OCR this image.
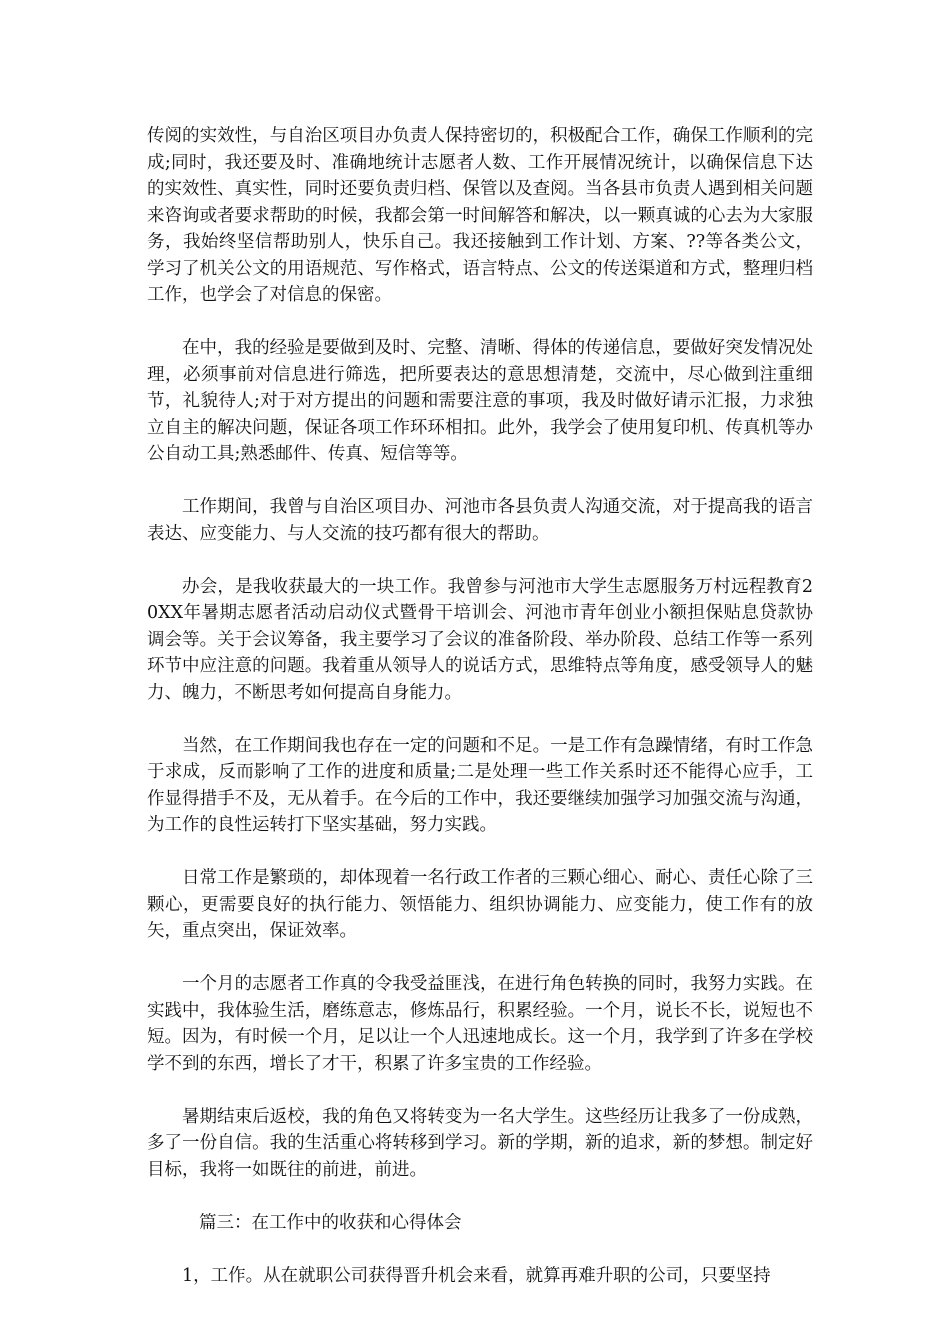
传阅的实效性，与自治区项目办负责人保持密切的，积极配合工作，确保工作顺利的完成;同时，我还要及时、准确地统计志愿者人数、工作开展情况统计，以确保信息下达的实效性、真实性，同时还要负责归档、保管以及查阅。当各县市负责人遇到相关问题来咨询或者要求帮助的时候，我都会第一时间解答和解决，以一颗真诚的心去为大家服务，我始终坚信帮助别人，快乐自己。我还接触到工作计划、方案、??等各类公文，学习了机关公文的用语规范、写作格式，语言特点、公文的传送渠道和方式，整理归档工作，也学会了对信息的保密。

在中，我的经验是要做到及时、完整、清晰、得体的传递信息，要做好突发情况处理，必须事前对信息进行筛选，把所要表达的意思想清楚，交流中，尽心做到注重细节，礼貌待人;对于对方提出的问题和需要注意的事项，我及时做好请示汇报，力求独立自主的解决问题，保证各项工作环环相扣。此外，我学会了使用复印机、传真机等办公自动工具;熟悉邮件、传真、短信等等。

工作期间，我曾与自治区项目办、河池市各县负责人沟通交流，对于提高我的语言表达、应变能力、与人交流的技巧都有很大的帮助。

办会，是我收获最大的一块工作。我曾参与河池市大学生志愿服务万村远程教育20XX年暑期志愿者活动启动仪式暨骨干培训会、河池市青年创业小额担保贴息贷款协调会等。关于会议筹备，我主要学习了会议的准备阶段、举办阶段、总结工作等一系列环节中应注意的问题。我着重从领导人的说话方式，思维特点等角度，感受领导人的魅力、魄力，不断思考如何提高自身能力。

当然，在工作期间我也存在一定的问题和不足。一是工作有急躁情绪，有时工作急于求成，反而影响了工作的进度和质量;二是处理一些工作关系时还不能得心应手，工作显得措手不及，无从着手。在今后的工作中，我还要继续加强学习加强交流与沟通，为工作的良性运转打下坚实基础，努力实践。

日常工作是繁琐的，却体现着一名行政工作者的三颗心细心、耐心、责任心除了三颗心，更需要良好的执行能力、领悟能力、组织协调能力、应变能力，使工作有的放矢，重点突出，保证效率。

一个月的志愿者工作真的令我受益匪浅，在进行角色转换的同时，我努力实践。在实践中，我体验生活，磨练意志，修炼品行，积累经验。一个月，说长不长，说短也不短。因为，有时候一个月，足以让一个人迅速地成长。这一个月，我学到了许多在学校学不到的东西，增长了才干，积累了许多宝贵的工作经验。

暑期结束后返校，我的角色又将转变为一名大学生。这些经历让我多了一份成熟，多了一份自信。我的生活重心将转移到学习。新的学期，新的追求，新的梦想。制定好目标，我将一如既往的前进，前进。

篇三：在工作中的收获和心得体会

1，工作。从在就职公司获得晋升机会来看，就算再难升职的公司，只要坚持
